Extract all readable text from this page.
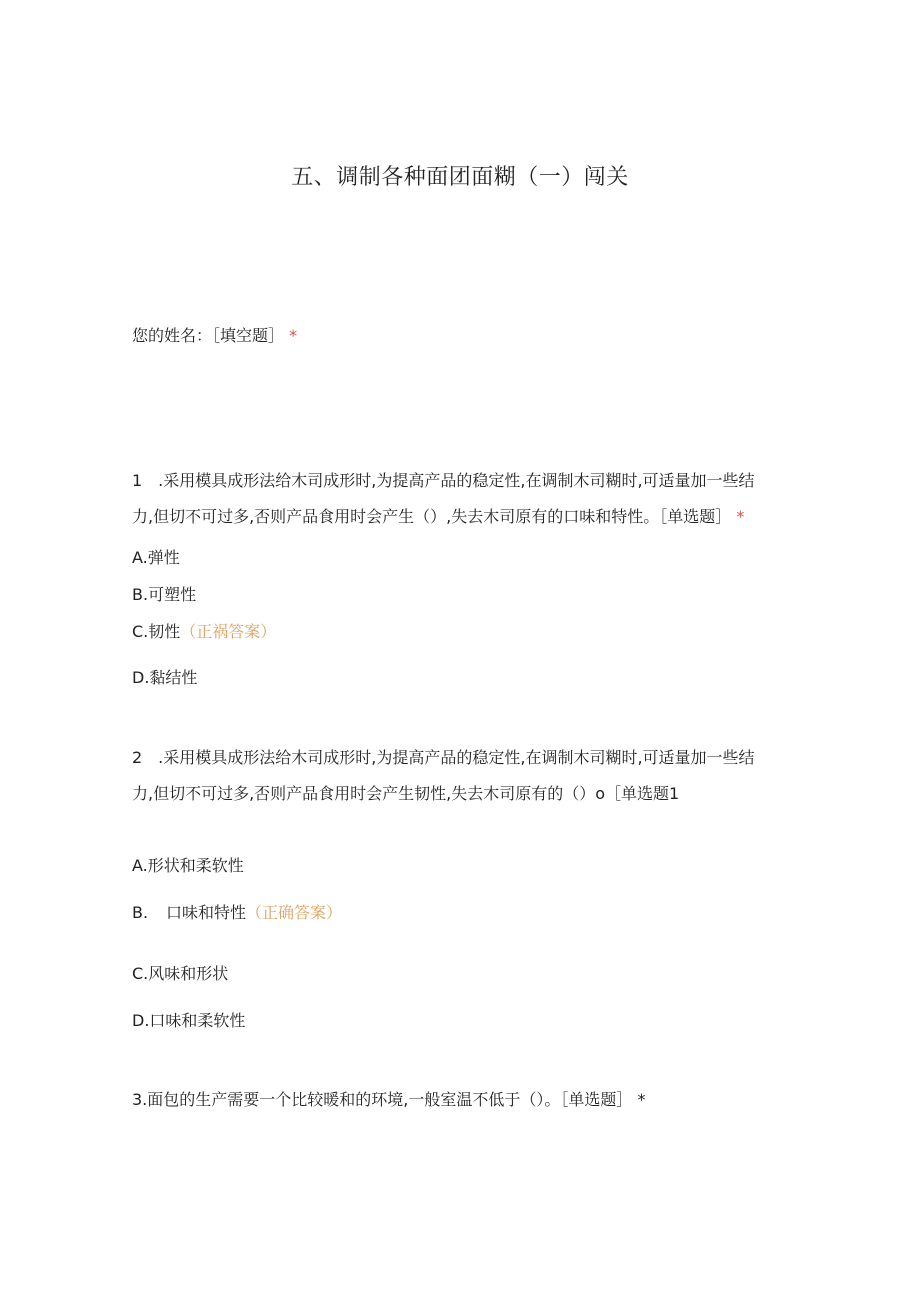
五、调制各种面团面糊（一）闯关
您的姓名：［填空题］ *
1　.采用模具成形法给木司成形时,为提高产品的稳定性,在调制木司糊时,可适量加一些结
力,但切不可过多,否则产品食用时会产生（）,失去木司原有的口味和特性。［单选题］ *
A.弹性
B.可塑性
C.韧性（正祸答案）
D.黏结性
2　.采用模具成形法给木司成形时,为提高产品的稳定性,在调制木司糊时,可适量加一些结
力,但切不可过多,否则产品食用时会产生韧性,失去木司原有的（）o［单选题1
A.形状和柔软性
B. 口味和特性（正确答案）
C.风味和形状
D.口味和柔软性
3.面包的生产需要一个比较暖和的环境,一般室温不低于（）。［单选题］ *
